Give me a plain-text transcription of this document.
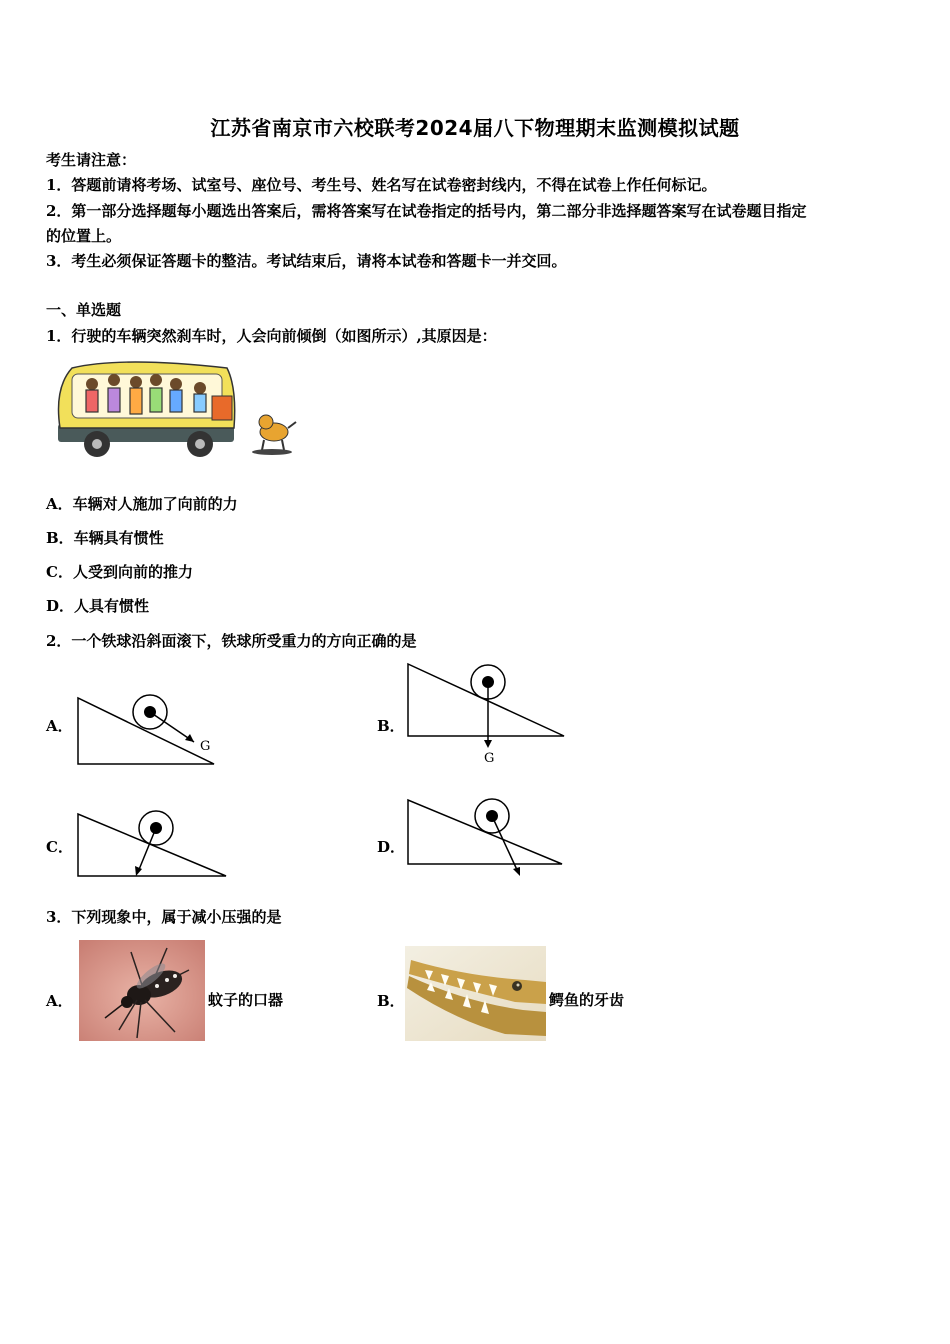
江苏省南京市六校联考2024届八下物理期末监测模拟试题
考生请注意：
1．答题前请将考场、试室号、座位号、考生号、姓名写在试卷密封线内，不得在试卷上作任何标记。
2．第一部分选择题每小题选出答案后，需将答案写在试卷指定的括号内，第二部分非选择题答案写在试卷题目指定
的位置上。
3．考生必须保证答题卡的整洁。考试结束后，请将本试卷和答题卡一并交回。
一、单选题
1．行驶的车辆突然刹车时，人会向前倾倒（如图所示）,其原因是：
A．车辆对人施加了向前的力
B．车辆具有惯性
C．人受到向前的推力
D．人具有惯性
2．一个铁球沿斜面滚下，铁球所受重力的方向正确的是
A．
G
B．
G
C．	D．
3．下列现象中，属于减小压强的是
A．	蚊子的口器	B．	鳄鱼的牙齿
